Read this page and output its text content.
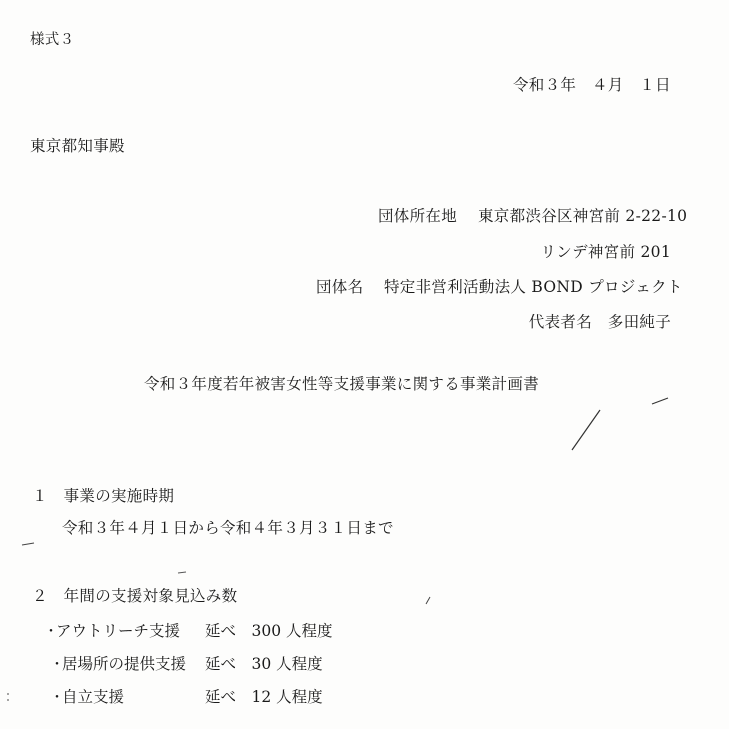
様式３
令和３年　４月　１日
東京都知事殿
団体所在地 東京都渋谷区神宮前 2-22-10
リンデ神宮前 201
団体名 特定非営利活動法人 BOND プロジェクト
代表者名　多田純子
令和３年度若年被害女性等支援事業に関する事業計画書
１　事業の実施時期
令和３年４月１日から令和４年３月３１日まで
２　年間の支援対象見込み数
・
アウトリーチ支援 延べ　300 人程度
・
居場所の提供支援 延べ　30 人程度
・
自立支援	延べ　12 人程度
